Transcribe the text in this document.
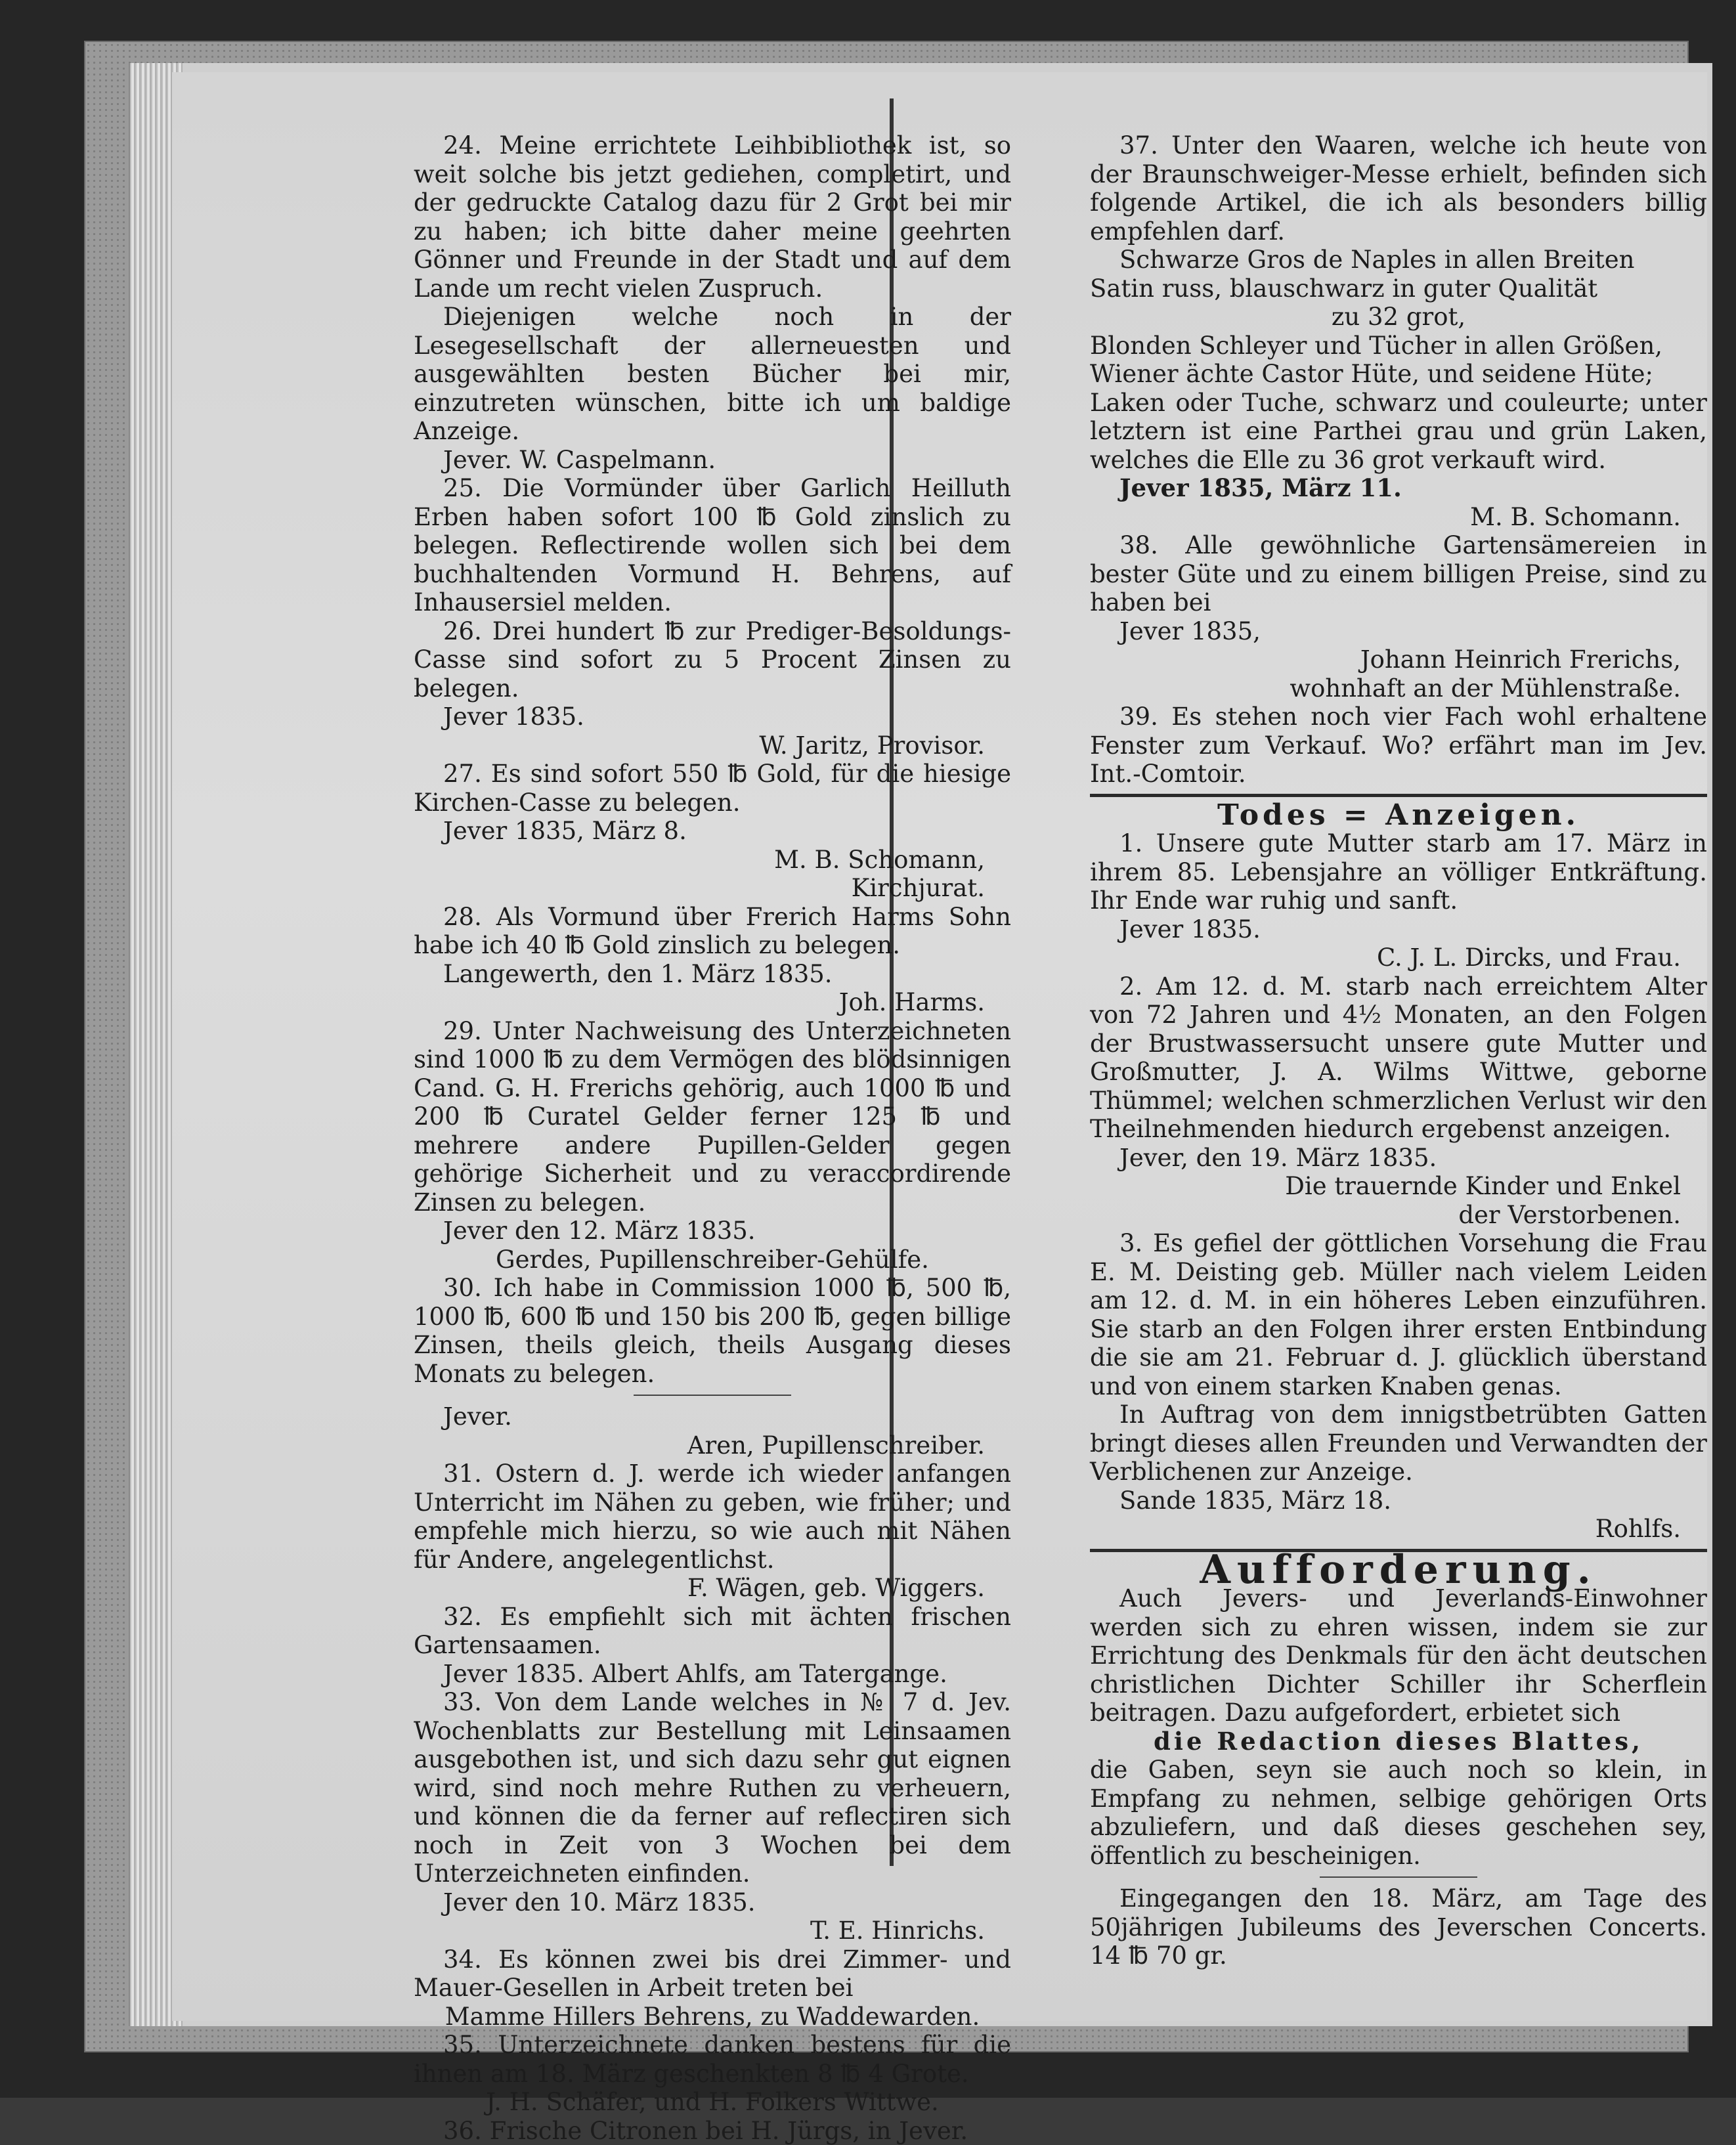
24. Meine errichtete Leihbibliothek ist, so weit solche bis jetzt gediehen, completirt, und der gedruckte Catalog dazu für 2 Grot bei mir zu haben; ich bitte daher meine geehrten Gönner und Freunde in der Stadt und auf dem Lande um recht vielen Zuspruch.

Diejenigen welche noch in der Lesegesellschaft der allerneuesten und ausgewählten besten Bücher bei mir, einzutreten wünschen, bitte ich um baldige Anzeige.

Jever. W. Caspelmann.

25. Die Vormünder über Garlich Heilluth Erben haben sofort 100 ℔ Gold zinslich zu belegen. Reflectirende wollen sich bei dem buchhaltenden Vormund H. Behrens, auf Inhausersiel melden.

26. Drei hundert ℔ zur Prediger-Besoldungs-Casse sind sofort zu 5 Procent Zinsen zu belegen.

Jever 1835.

W. Jaritz, Provisor.

27. Es sind sofort 550 ℔ Gold, für die hiesige Kirchen-Casse zu belegen.

Jever 1835, März 8.

M. B. Schomann,

Kirchjurat.

28. Als Vormund über Frerich Harms Sohn habe ich 40 ℔ Gold zinslich zu belegen.

Langewerth, den 1. März 1835.

Joh. Harms.

29. Unter Nachweisung des Unterzeichneten sind 1000 ℔ zu dem Vermögen des blödsinnigen Cand. G. H. Frerichs gehörig, auch 1000 ℔ und 200 ℔ Curatel Gelder ferner 125 ℔ und mehrere andere Pupillen-Gelder gegen gehörige Sicherheit und zu veraccordirende Zinsen zu belegen.

Jever den 12. März 1835.

Gerdes, Pupillenschreiber-Gehülfe.

30. Ich habe in Commission 1000 ℔, 500 ℔, 1000 ℔, 600 ℔ und 150 bis 200 ℔, gegen billige Zinsen, theils gleich, theils Ausgang dieses Monats zu belegen.

Jever.

Aren, Pupillenschreiber.

31. Ostern d. J. werde ich wieder anfangen Unterricht im Nähen zu geben, wie früher; und empfehle mich hierzu, so wie auch mit Nähen für Andere, angelegentlichst.

F. Wägen, geb. Wiggers.

32. Es empfiehlt sich mit ächten frischen Gartensaamen.

Jever 1835. Albert Ahlfs, am Tatergange.

33. Von dem Lande welches in № 7 d. Jev. Wochenblatts zur Bestellung mit Leinsaamen ausgebothen ist, und sich dazu sehr gut eignen wird, sind noch mehre Ruthen zu verheuern, und können die da ferner auf reflectiren sich noch in Zeit von 3 Wochen bei dem Unterzeichneten einfinden.

Jever den 10. März 1835.

T. E. Hinrichs.

34. Es können zwei bis drei Zimmer- und Mauer-Gesellen in Arbeit treten bei

Mamme Hillers Behrens, zu Waddewarden.

35. Unterzeichnete danken bestens für die ihnen am 18. März geschenkten 8 ℔ 4 Grote.

J. H. Schäfer, und H. Folkers Wittwe.

36. Frische Citronen bei H. Jürgs, in Jever.

37. Unter den Waaren, welche ich heute von der Braunschweiger-Messe erhielt, befinden sich folgende Artikel, die ich als besonders billig empfehlen darf.

Schwarze Gros de Naples in allen Breiten

Satin russ, blauschwarz in guter Qualität

zu 32 grot,

Blonden Schleyer und Tücher in allen Größen,

Wiener ächte Castor Hüte, und seidene Hüte;

Laken oder Tuche, schwarz und couleurte; unter letztern ist eine Parthei grau und grün Laken, welches die Elle zu 36 grot verkauft wird.

Jever 1835, März 11.

M. B. Schomann.

38. Alle gewöhnliche Gartensämereien in bester Güte und zu einem billigen Preise, sind zu haben bei

Jever 1835,

Johann Heinrich Frerichs,

wohnhaft an der Mühlenstraße.

39. Es stehen noch vier Fach wohl erhaltene Fenster zum Verkauf. Wo? erfährt man im Jev. Int.-Comtoir.

Todes = Anzeigen.

1. Unsere gute Mutter starb am 17. März in ihrem 85. Lebensjahre an völliger Entkräftung. Ihr Ende war ruhig und sanft.

Jever 1835.

C. J. L. Dircks, und Frau.

2. Am 12. d. M. starb nach erreichtem Alter von 72 Jahren und 4½ Monaten, an den Folgen der Brustwassersucht unsere gute Mutter und Großmutter, J. A. Wilms Wittwe, geborne Thümmel; welchen schmerzlichen Verlust wir den Theilnehmenden hiedurch ergebenst anzeigen.

Jever, den 19. März 1835.

Die trauernde Kinder und Enkel

der Verstorbenen.

3. Es gefiel der göttlichen Vorsehung die Frau E. M. Deisting geb. Müller nach vielem Leiden am 12. d. M. in ein höheres Leben einzuführen. Sie starb an den Folgen ihrer ersten Entbindung die sie am 21. Februar d. J. glücklich überstand und von einem starken Knaben genas.

In Auftrag von dem innigstbetrübten Gatten bringt dieses allen Freunden und Verwandten der Verblichenen zur Anzeige.

Sande 1835, März 18.

Rohlfs.

Aufforderung.

Auch Jevers- und Jeverlands-Einwohner werden sich zu ehren wissen, indem sie zur Errichtung des Denkmals für den ächt deutschen christlichen Dichter Schiller ihr Scherflein beitragen. Dazu aufgefordert, erbietet sich

die Redaction dieses Blattes,

die Gaben, seyn sie auch noch so klein, in Empfang zu nehmen, selbige gehörigen Orts abzuliefern, und daß dieses geschehen sey, öffentlich zu bescheinigen.

Eingegangen den 18. März, am Tage des 50jährigen Jubileums des Jeverschen Concerts. 14 ℔ 70 gr.
